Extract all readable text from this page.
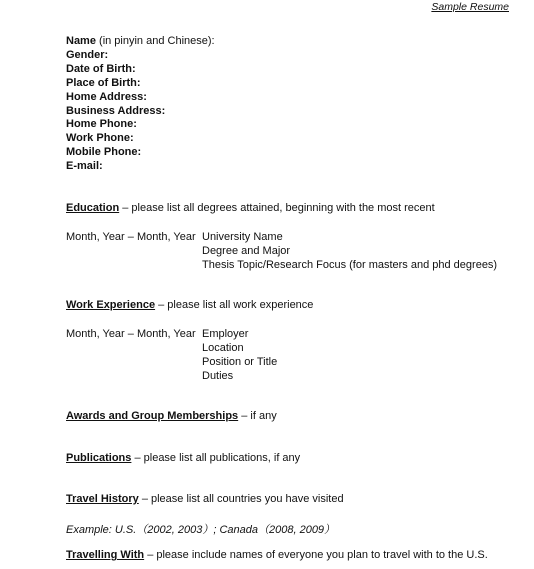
Sample Resume
Name (in pinyin and Chinese):
Gender:
Date of Birth:
Place of Birth:
Home Address:
Business Address:
Home Phone:
Work Phone:
Mobile Phone:
E-mail:
Education – please list all degrees attained, beginning with the most recent
Month, Year – Month, Year University Name
Degree and Major
Thesis Topic/Research Focus (for masters and phd degrees)
Work Experience – please list all work experience
Month, Year – Month, Year Employer
Location
Position or Title
Duties
Awards and Group Memberships – if any
Publications – please list all publications, if any
Travel History – please list all countries you have visited
Example: U.S.（2002, 2003）; Canada（2008, 2009）
Travelling With – please include names of everyone you plan to travel with to the U.S.
